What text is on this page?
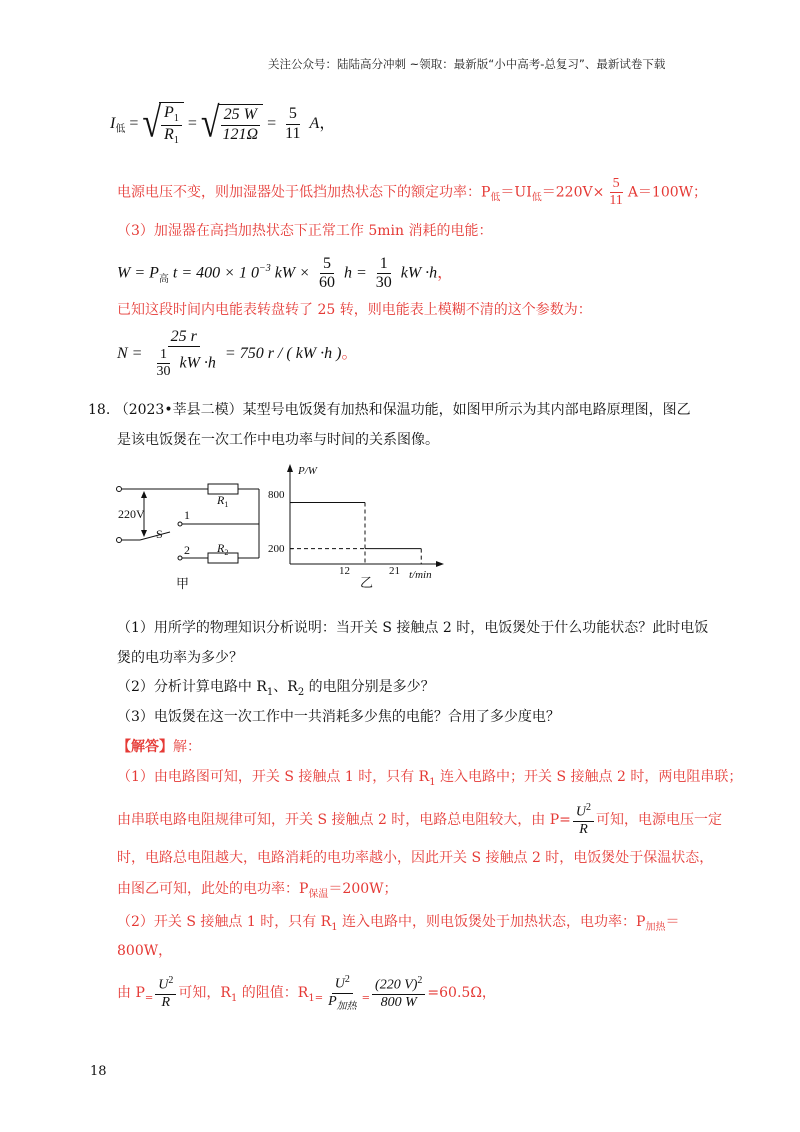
关注公众号：陆陆高分冲刺 ~领取：最新版“小中高考-总复习”、最新试卷下载
$I_低$ = √ $\frac{P_1}{R_1}$ = √ $\frac{25 W}{121\Omega} = \frac{5}{11}$ A，
电源电压不变，则加湿器处于低挡加热状态下的额定功率：$P_低=UI_低=220V\times \frac{5}{11} A=100W$；
（3）加湿器在高挡加热状态下正常工作 5min 消耗的电能：
$W = P_高$ t = 400 × 1 $0^{-3}$ kW × $\frac{5}{60}$ $h = \frac{1}{30}$ kW ·h，
已知这段时间内电能表转盘转了 25 转，则电能表上模糊不清的这个参数为：
$N = \frac{25 r}{\frac{1}{30} kW \cdot h} = 750$ r / ( kW ·h )。
18. （2023•莘县二模）某型号电饭煲有加热和保温功能，如图甲所示为其内部电路原理图，图乙
是该电饭煲在一次工作中电功率与时间的关系图像。
220V
S
1
2
$R_1$
$R_2$
甲
P/W
t/min
800
200
12	21
乙
（1）用所学的物理知识分析说明：当开关 S 接触点 2 时，电饭煲处于什么功能状态？此时电饭
煲的电功率为多少？
（2）分析计算电路中 $R_1$、$R_2$ 的电阻分别是多少？
（3）电饭煲在这一次工作中一共消耗多少焦的电能？合用了多少度电？
【解答】解：
（1）由电路图可知，开关 S 接触点 1 时，只有 $R_1$ 连入电路中；开关 S 接触点 2 时，两电阻串联；
由串联电路电阻规律可知，开关 S 接触点 2 时，电路总电阻较大，由 $P= \frac{U^2}{R}$ 可知，电源电压一定
时，电路总电阻越大，电路消耗的电功率越小，因此开关 S 接触点 2 时，电饭煲处于保温状态，
由图乙可知，此处的电功率：$P_{保温}=200W$；
（2）开关 S 接触点 1 时，只有 $R_1$ 连入电路中，则电饭煲处于加热状态，电功率：$P_{加热}=$
800W，
由 $P_= \frac{U^2}{R}$ 可知，$R_1$ 的阻值：$R_{1=} \frac{U^2}{P_{加热}} _= \frac{(220 V)^2}{800 W} =60.5\Omega$，
18
